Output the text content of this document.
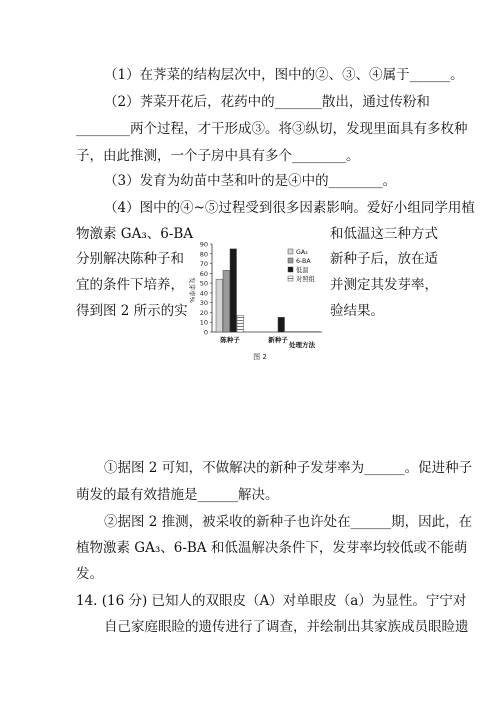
（1）在荠菜的结构层次中，图中的②、③、④属于______。
（2）荠菜开花后，花药中的_______散出，通过传粉和
________两个过程，才干形成③。将③纵切，发现里面具有多枚种
子，由此推测，一个子房中具有多个________。
（3）发育为幼苗中茎和叶的是④中的________。
（4）图中的④~⑤过程受到很多因素影响。爱好小组同学用植
物激素 GA₃、6-BA	和低温这三种方式
分别解决陈种子和	新种子后，放在适
宜的条件下培养，	并测定其发芽率，
得到图 2 所示的实	验结果。
①据图 2 可知，不做解决的新种子发芽率为______。促进种子
萌发的最有效措施是______解决。
②据图 2 推测，被采收的新种子也许处在______期，因此，在
植物激素 GA₃、6-BA 和低温解决条件下，发芽率均较低或不能萌
发。
14. (16 分) 已知人的双眼皮（A）对单眼皮（a）为显性。宁宁对
自己家庭眼睑的遗传进行了调查，并绘制出其家族成员眼睑遗
0
10
20
30
40
50
60
70
80
90
发芽率%
陈种子	新种子
处理方法
GA₃
6-BA
低温
对照组
图 2
